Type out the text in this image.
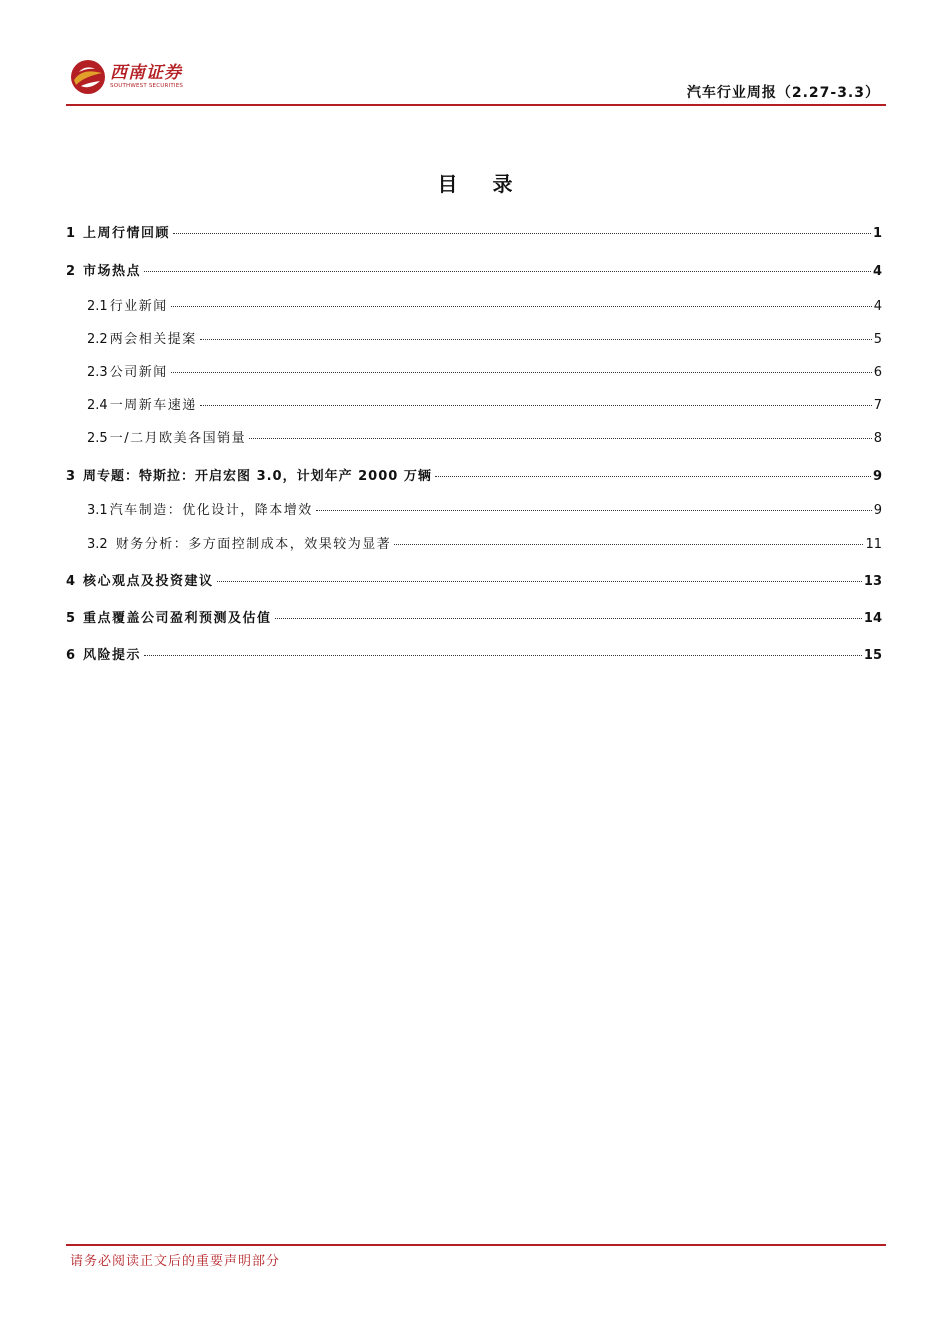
西南证券
SOUTHWEST SECURITIES	汽车行业周报（2.27-3.3）
目 录
1 上周行情回顾	1
2 市场热点	4
2.1 行业新闻	4
2.2 两会相关提案	5
2.3 公司新闻	6
2.4 一周新车速递	7
2.5 一/二月欧美各国销量	8
3 周专题：特斯拉：开启宏图 3.0，计划年产 2000 万辆	9
3.1 汽车制造：优化设计，降本增效	9
3.2 财务分析：多方面控制成本，效果较为显著	11
4 核心观点及投资建议	13
5 重点覆盖公司盈利预测及估值	14
6 风险提示	15
请务必阅读正文后的重要声明部分
